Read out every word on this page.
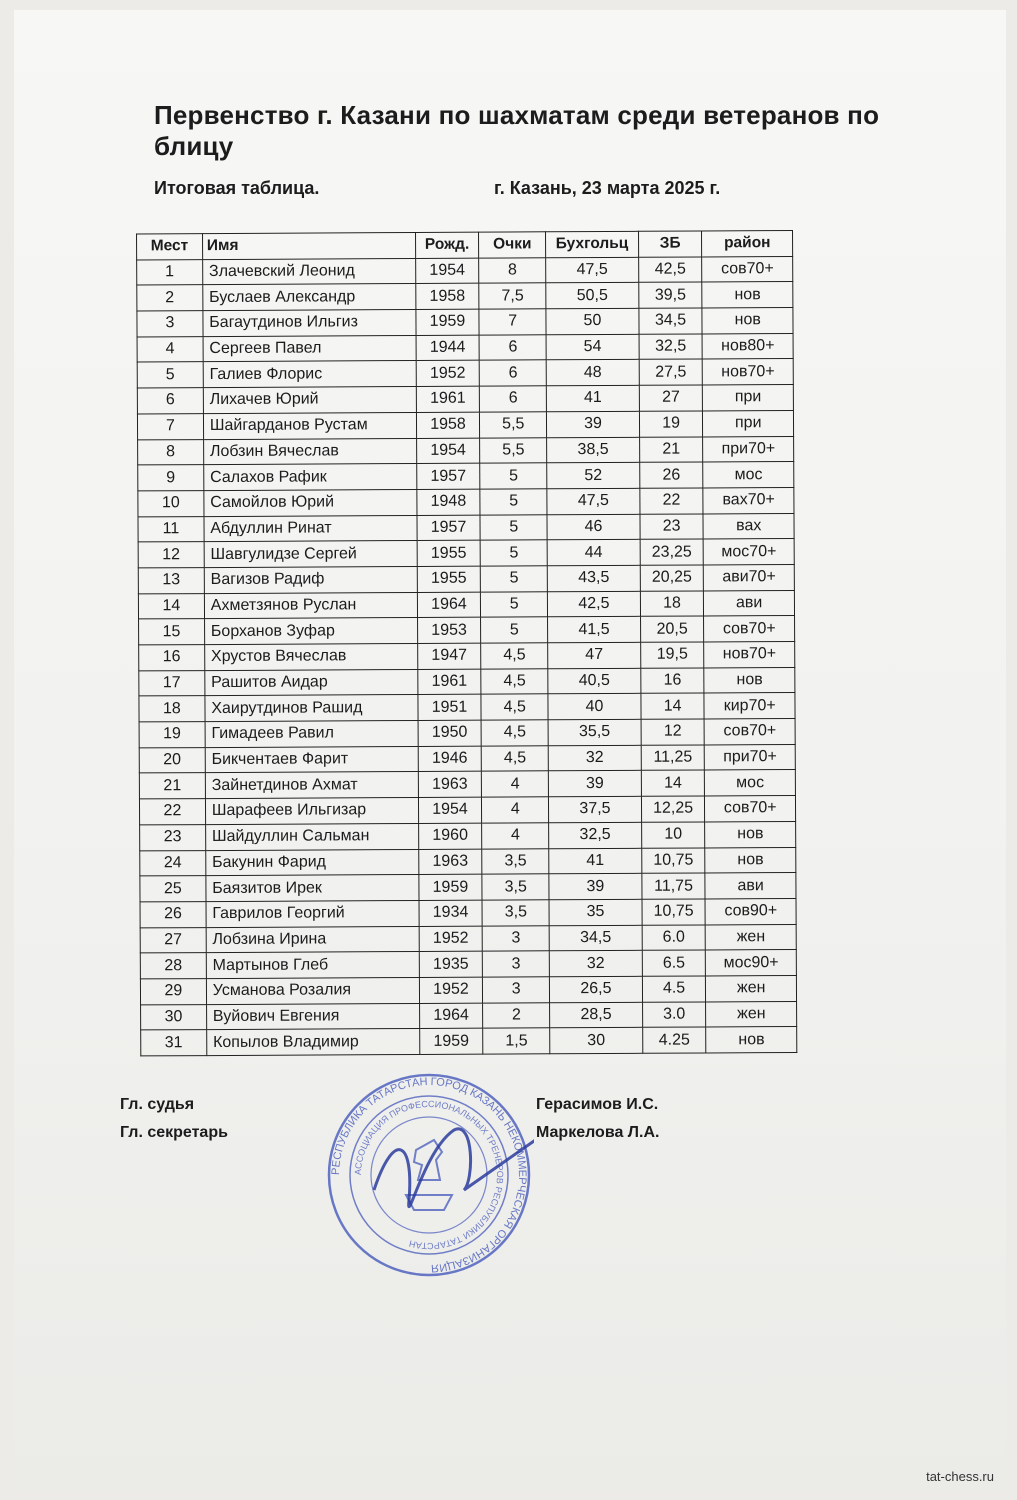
Первенство г. Казани по шахматам среди ветеранов по блицу
Итоговая таблица.	г. Казань, 23 марта 2025 г.
Мест	Имя	Рожд.	Очки	Бухгольц	ЗБ	район
1	Злачевский Леонид	1954	8	47,5	42,5	сов70+
2	Буслаев Александр	1958	7,5	50,5	39,5	нов
3	Багаутдинов Ильгиз	1959	7	50	34,5	нов
4	Сергеев Павел	1944	6	54	32,5	нов80+
5	Галиев Флорис	1952	6	48	27,5	нов70+
6	Лихачев Юрий	1961	6	41	27	при
7	Шайгарданов Рустам	1958	5,5	39	19	при
8	Лобзин Вячеслав	1954	5,5	38,5	21	при70+
9	Салахов Рафик	1957	5	52	26	мос
10	Самойлов Юрий	1948	5	47,5	22	вах70+
11	Абдуллин Ринат	1957	5	46	23	вах
12	Шавгулидзе Сергей	1955	5	44	23,25	мос70+
13	Вагизов Радиф	1955	5	43,5	20,25	ави70+
14	Ахметзянов Руслан	1964	5	42,5	18	ави
15	Борханов Зуфар	1953	5	41,5	20,5	сов70+
16	Хрустов Вячеслав	1947	4,5	47	19,5	нов70+
17	Рашитов Аидар	1961	4,5	40,5	16	нов
18	Хаирутдинов Рашид	1951	4,5	40	14	кир70+
19	Гимадеев Равил	1950	4,5	35,5	12	сов70+
20	Бикчентаев Фарит	1946	4,5	32	11,25	при70+
21	Зайнетдинов Ахмат	1963	4	39	14	мос
22	Шарафеев Ильгизар	1954	4	37,5	12,25	сов70+
23	Шайдуллин Сальман	1960	4	32,5	10	нов
24	Бакунин Фарид	1963	3,5	41	10,75	нов
25	Баязитов Ирек	1959	3,5	39	11,75	ави
26	Гаврилов Георгий	1934	3,5	35	10,75	сов90+
27	Лобзина Ирина	1952	3	34,5	6.0	жен
28	Мартынов Глеб	1935	3	32	6.5	мос90+
29	Усманова Розалия	1952	3	26,5	4.5	жен
30	Вуйович Евгения	1964	2	28,5	3.0	жен
31	Копылов Владимир	1959	1,5	30	4.25	нов
Гл. судья
Гл. секретарь
Герасимов И.С.
Маркелова Л.А.
РЕСПУБЛИКА ТАТАРСТАН ГОРОД КАЗАНЬ НЕКОММЕРЧЕСКАЯ ОРГАНИЗАЦИЯ
АССОЦИАЦИЯ ПРОФЕССИОНАЛЬНЫХ ТРЕНЕРОВ РЕСПУБЛИКИ ТАТАРСТАН
tat-chess.ru
